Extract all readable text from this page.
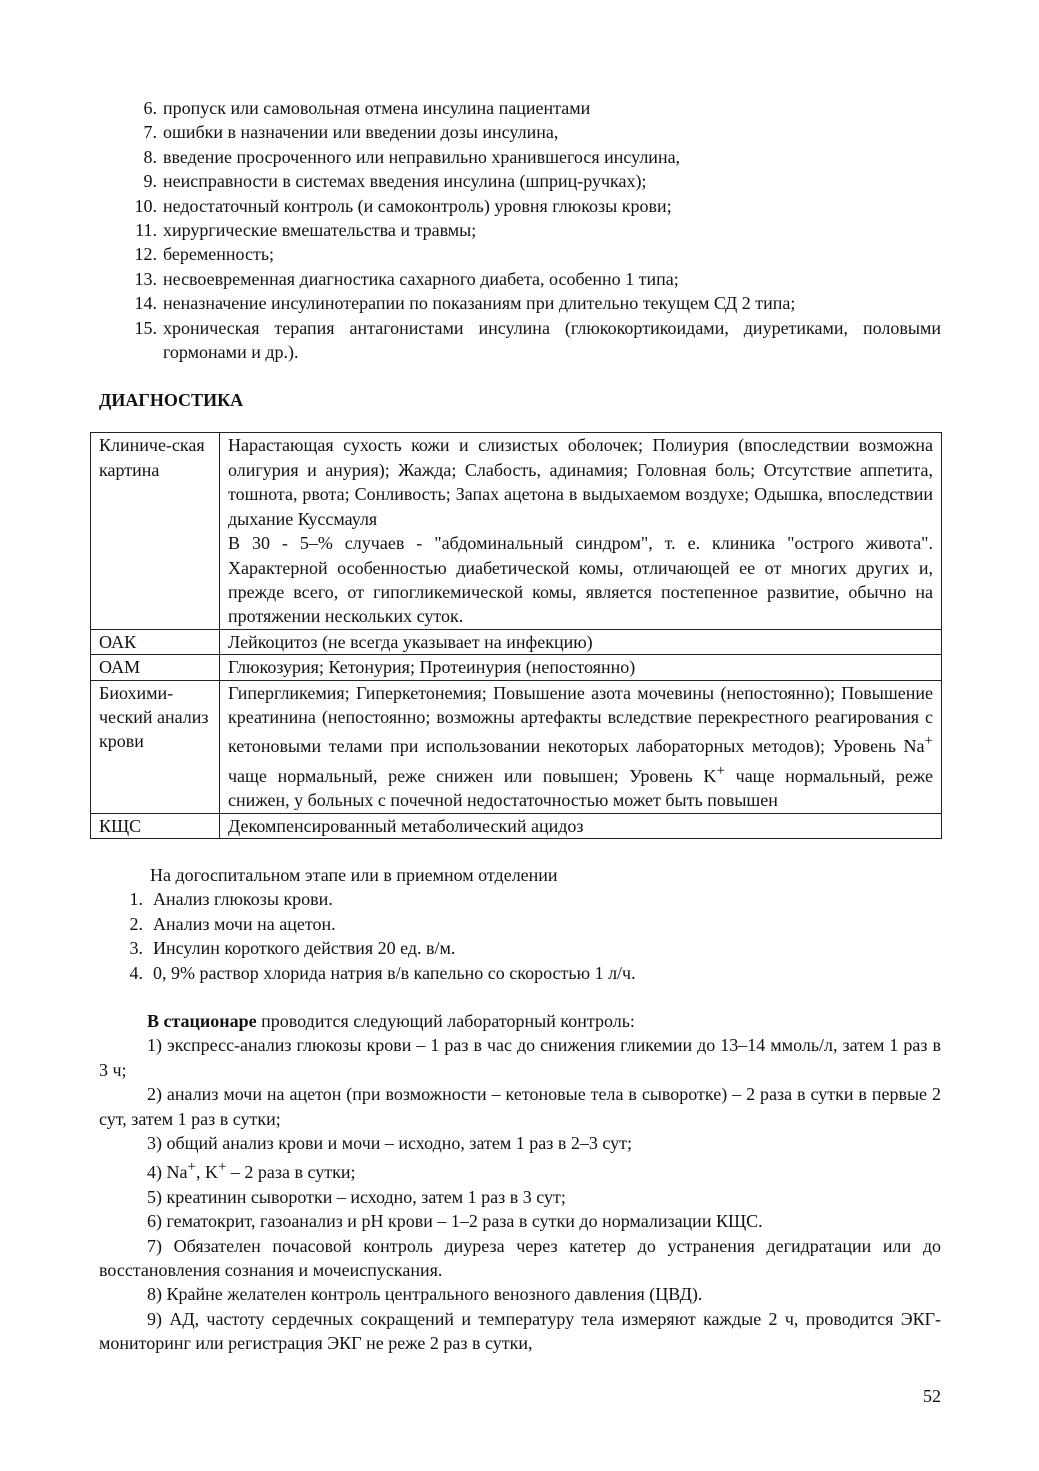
6. пропуск или самовольная отмена инсулина пациентами
7. ошибки в назначении или введении дозы инсулина,
8. введение просроченного или неправильно хранившегося инсулина,
9. неисправности в системах введения инсулина (шприц-ручках);
10. недостаточный контроль (и самоконтроль) уровня глюкозы крови;
11. хирургические вмешательства и травмы;
12. беременность;
13. несвоевременная диагностика сахарного диабета, особенно 1 типа;
14. неназначение инсулинотерапии по показаниям при длительно текущем СД 2 типа;
15. хроническая терапия антагонистами инсулина (глюкокортикоидами, диуретиками, половыми гормонами и др.).
ДИАГНОСТИКА
Клиниче-ская картина	Нарастающая сухость кожи и слизистых оболочек; Полиурия (впоследствии возможна олигурия и анурия); Жажда; Слабость, адинамия; Головная боль; Отсутствие аппетита, тошнота, рвота; Сонливость; Запах ацетона в выдыхаемом воздухе; Одышка, впоследствии дыхание Куссмауля
В 30 - 5–% случаев - "абдоминальный синдром", т. е. клиника "острого живота". Характерной особенностью диабетической комы, отличающей ее от многих других и, прежде всего, от гипогликемической комы, является постепенное развитие, обычно на протяжении нескольких суток.

ОАК	Лейкоцитоз (не всегда указывает на инфекцию)
ОАМ	Глюкозурия; Кетонурия; Протеинурия (непостоянно)
Биохими-ческий анализ крови	Гипергликемия; Гиперкетонемия; Повышение азота мочевины (непостоянно); Повышение креатинина (непостоянно; возможны артефакты вследствие перекрестного реагирования с кетоновыми телами при использовании некоторых лабораторных методов); Уровень Na+ чаще нормальный, реже снижен или повышен; Уровень K+ чаще нормальный, реже снижен, у больных с почечной недостаточностью может быть повышен
КЩС	Декомпенсированный метаболический ацидоз

На догоспитальном этапе или в приемном отделении

1. Анализ глюкозы крови.
2. Анализ мочи на ацетон.
3. Инсулин короткого действия 20 ед. в/м.
4. 0, 9% раствор хлорида натрия в/в капельно со скоростью 1 л/ч.

В стационаре проводится следующий лабораторный контроль:

1) экспресс-анализ глюкозы крови – 1 раз в час до снижения гликемии до 13–14 ммоль/л, затем 1 раз в 3 ч;

2) анализ мочи на ацетон (при возможности – кетоновые тела в сыворотке) – 2 раза в сутки в первые 2 сут, затем 1 раз в сутки;

3) общий анализ крови и мочи – исходно, затем 1 раз в 2–3 сут;

4) Na+, K+ – 2 раза в сутки;

5) креатинин сыворотки – исходно, затем 1 раз в 3 сут;

6) гематокрит, газоанализ и pH крови – 1–2 раза в сутки до нормализации КЩС.

7) Обязателен почасовой контроль диуреза через катетер до устранения дегидратации или до восстановления сознания и мочеиспускания.

8) Крайне желателен контроль центрального венозного давления (ЦВД).

9) АД, частоту сердечных сокращений и температуру тела измеряют каждые 2 ч, проводится ЭКГ-мониторинг или регистрация ЭКГ не реже 2 раз в сутки,

52
